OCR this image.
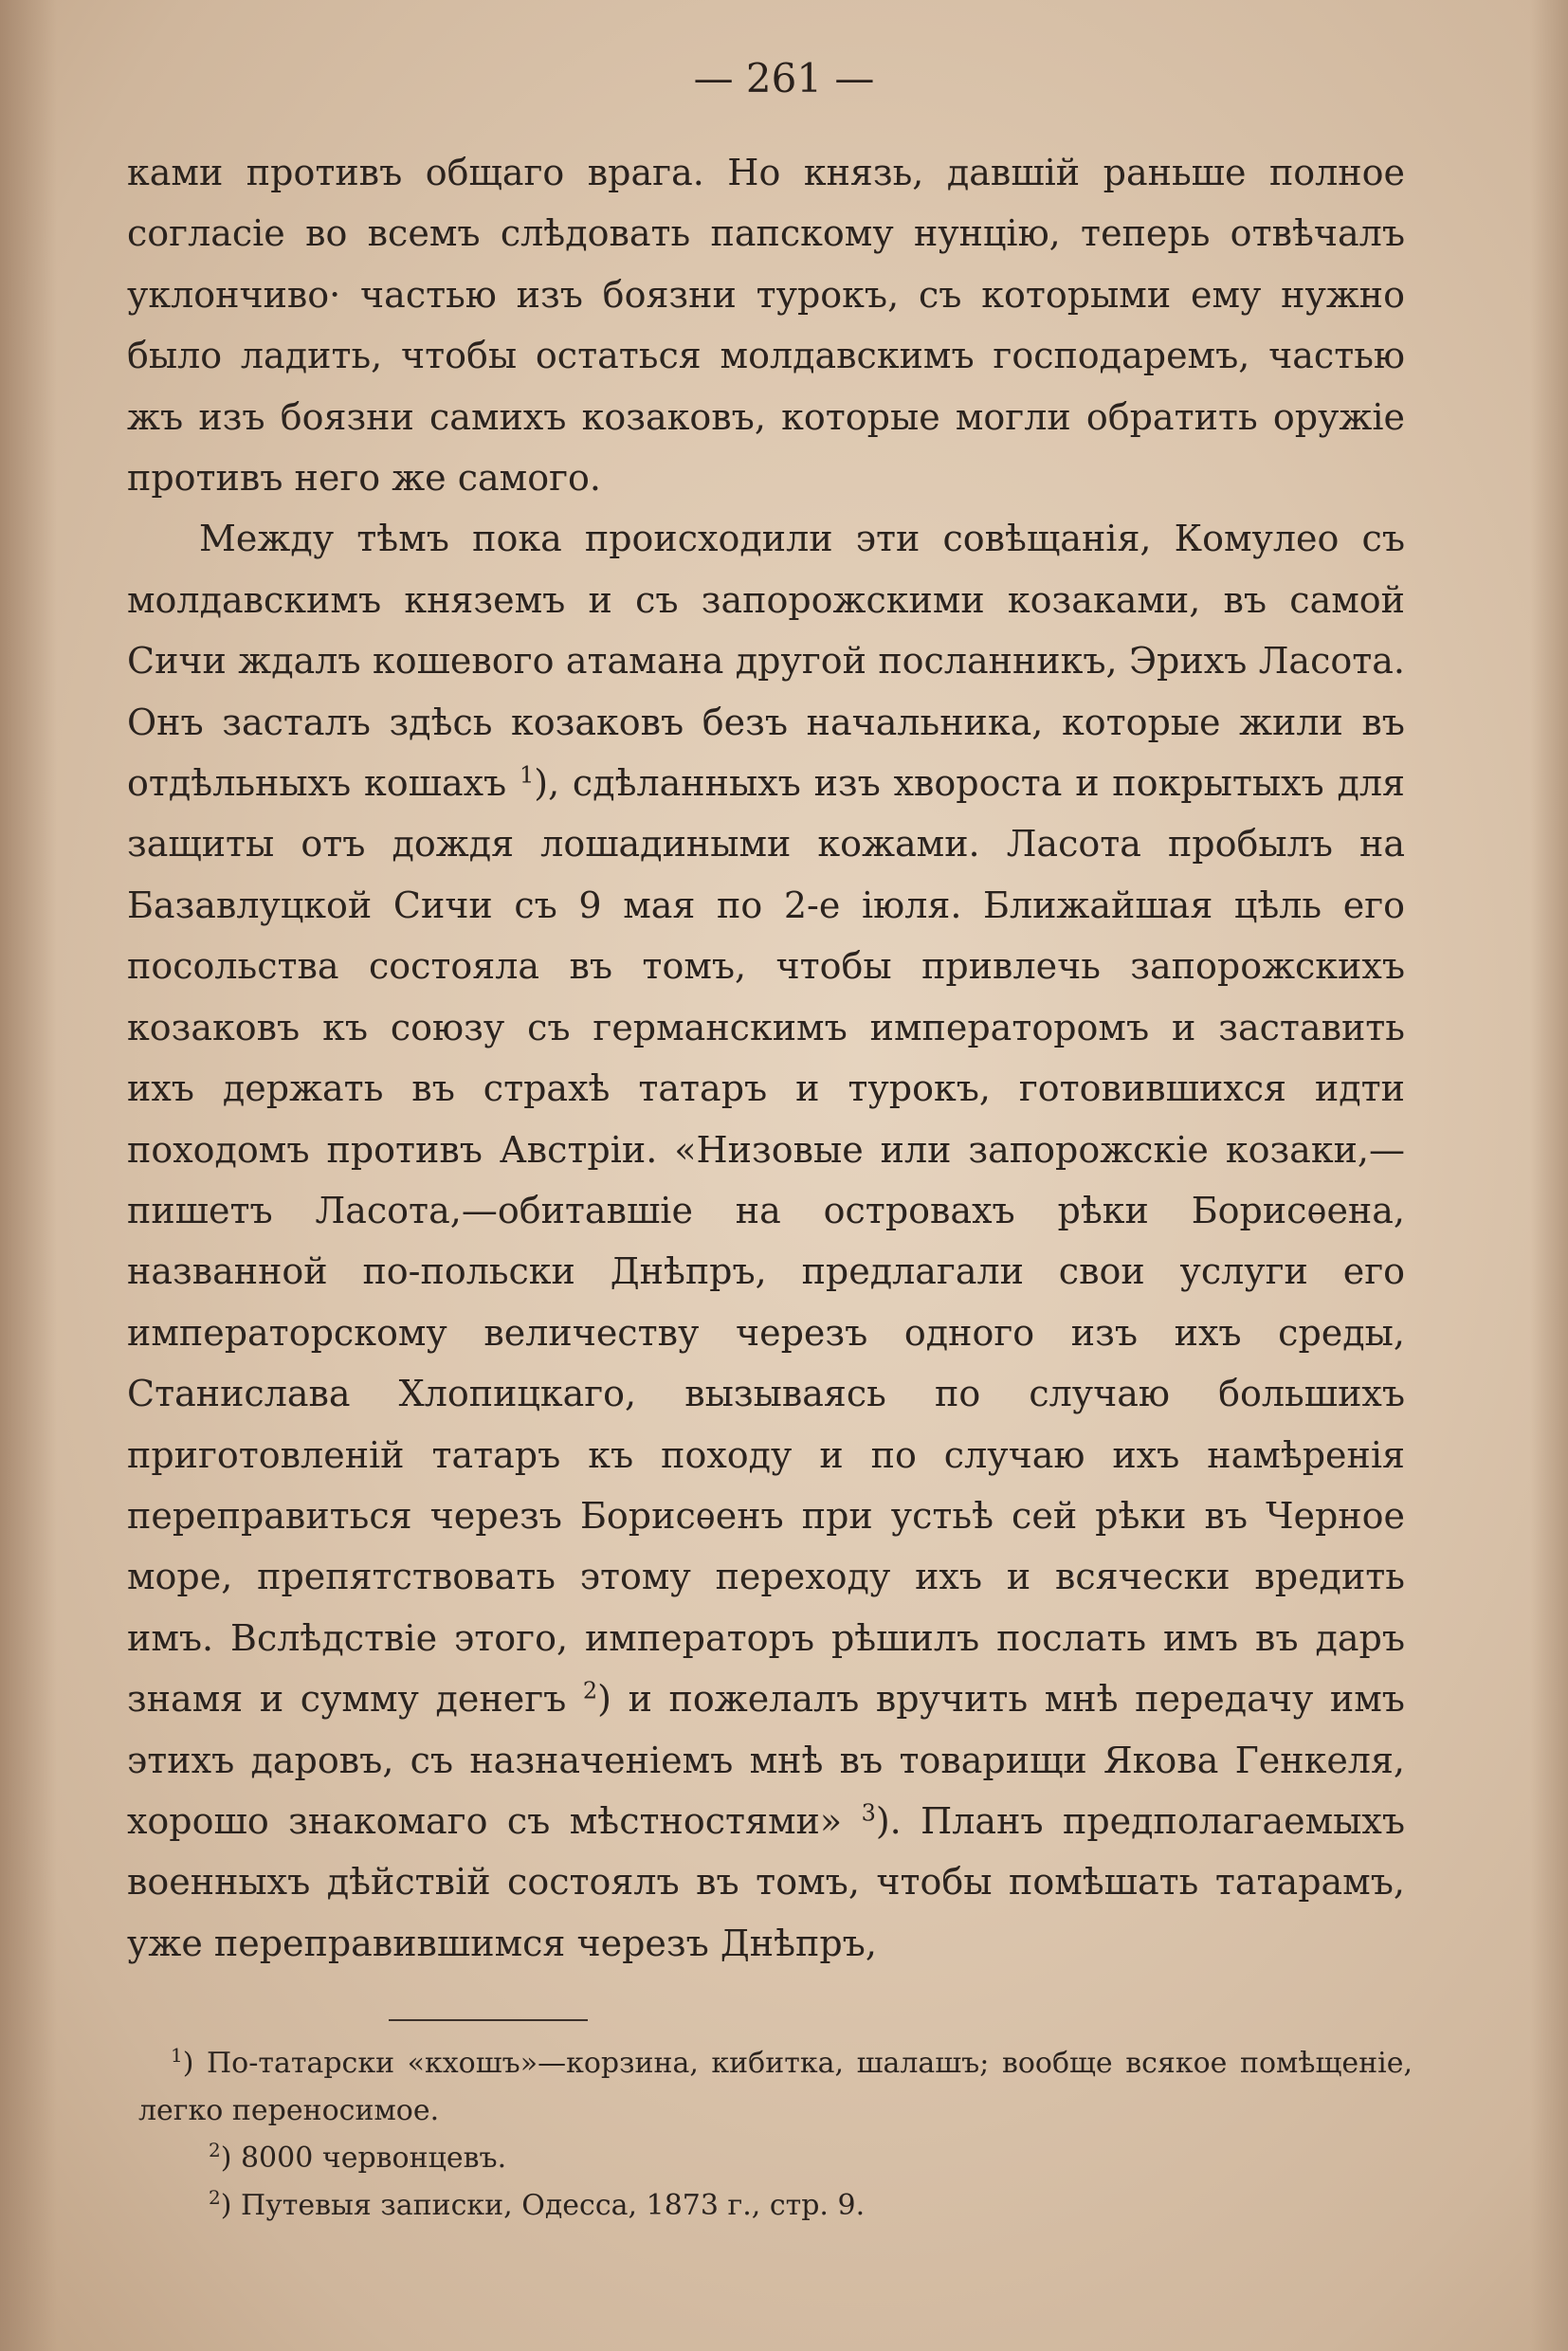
— 261 —

ками противъ общаго врага. Но князь, давшій раньше полное согласіе во всемъ слѣдовать папскому нунцію, теперь отвѣчалъ уклончиво· частью изъ боязни турокъ, съ которыми ему нужно было ладить, чтобы остаться молдавскимъ господаремъ, частью жъ изъ боязни самихъ козаковъ, которые могли обратить оружіе противъ него же самого.

Между тѣмъ пока происходили эти совѣщанія, Комулео съ молдавскимъ княземъ и съ запорожскими козаками, въ самой Сичи ждалъ кошевого атамана другой посланникъ, Эрихъ Ласота. Онъ засталъ здѣсь козаковъ безъ начальника, которые жили въ отдѣльныхъ кошахъ $^1$), сдѣланныхъ изъ хвороста и покрытыхъ для защиты отъ дождя лошадиными кожами. Ласота пробылъ на Базавлуцкой Сичи съ 9 мая по 2-е іюля. Ближайшая цѣль его посольства состояла въ томъ, чтобы привлечь запорожскихъ козаковъ къ союзу съ германскимъ императоромъ и заставить ихъ держать въ страхѣ татаръ и турокъ, готовившихся идти походомъ противъ Австріи. «Низовые или запорожскіе козаки,—пишетъ Ласота,—обитавшіе на островахъ рѣки Борисѳена, названной по-польски Днѣпръ, предлагали свои услуги его императорскому величеству черезъ одного изъ ихъ среды, Станислава Хлопицкаго, вызываясь по случаю большихъ приготовленій татаръ къ походу и по случаю ихъ намѣренія переправиться черезъ Борисѳенъ при устьѣ сей рѣки въ Черное море, препятствовать этому переходу ихъ и всячески вредить имъ. Вслѣдствіе этого, императоръ рѣшилъ послать имъ въ даръ знамя и сумму денегъ $^2$) и пожелалъ вручить мнѣ передачу имъ этихъ даровъ, съ назначеніемъ мнѣ въ товарищи Якова Генкеля, хорошо знакомаго съ мѣстностями» $^3$). Планъ предполагаемыхъ военныхъ дѣйствій состоялъ въ томъ, чтобы помѣшать татарамъ, уже переправившимся черезъ Днѣпръ,

$^1$) По-татарски «кхошъ»—корзина, кибитка, шалашъ; вообще всякое помѣщеніе, легко переносимое.

$^2$) 8000 червонцевъ.

$^2$) Путевыя записки, Одесса, 1873 г., стр. 9.
